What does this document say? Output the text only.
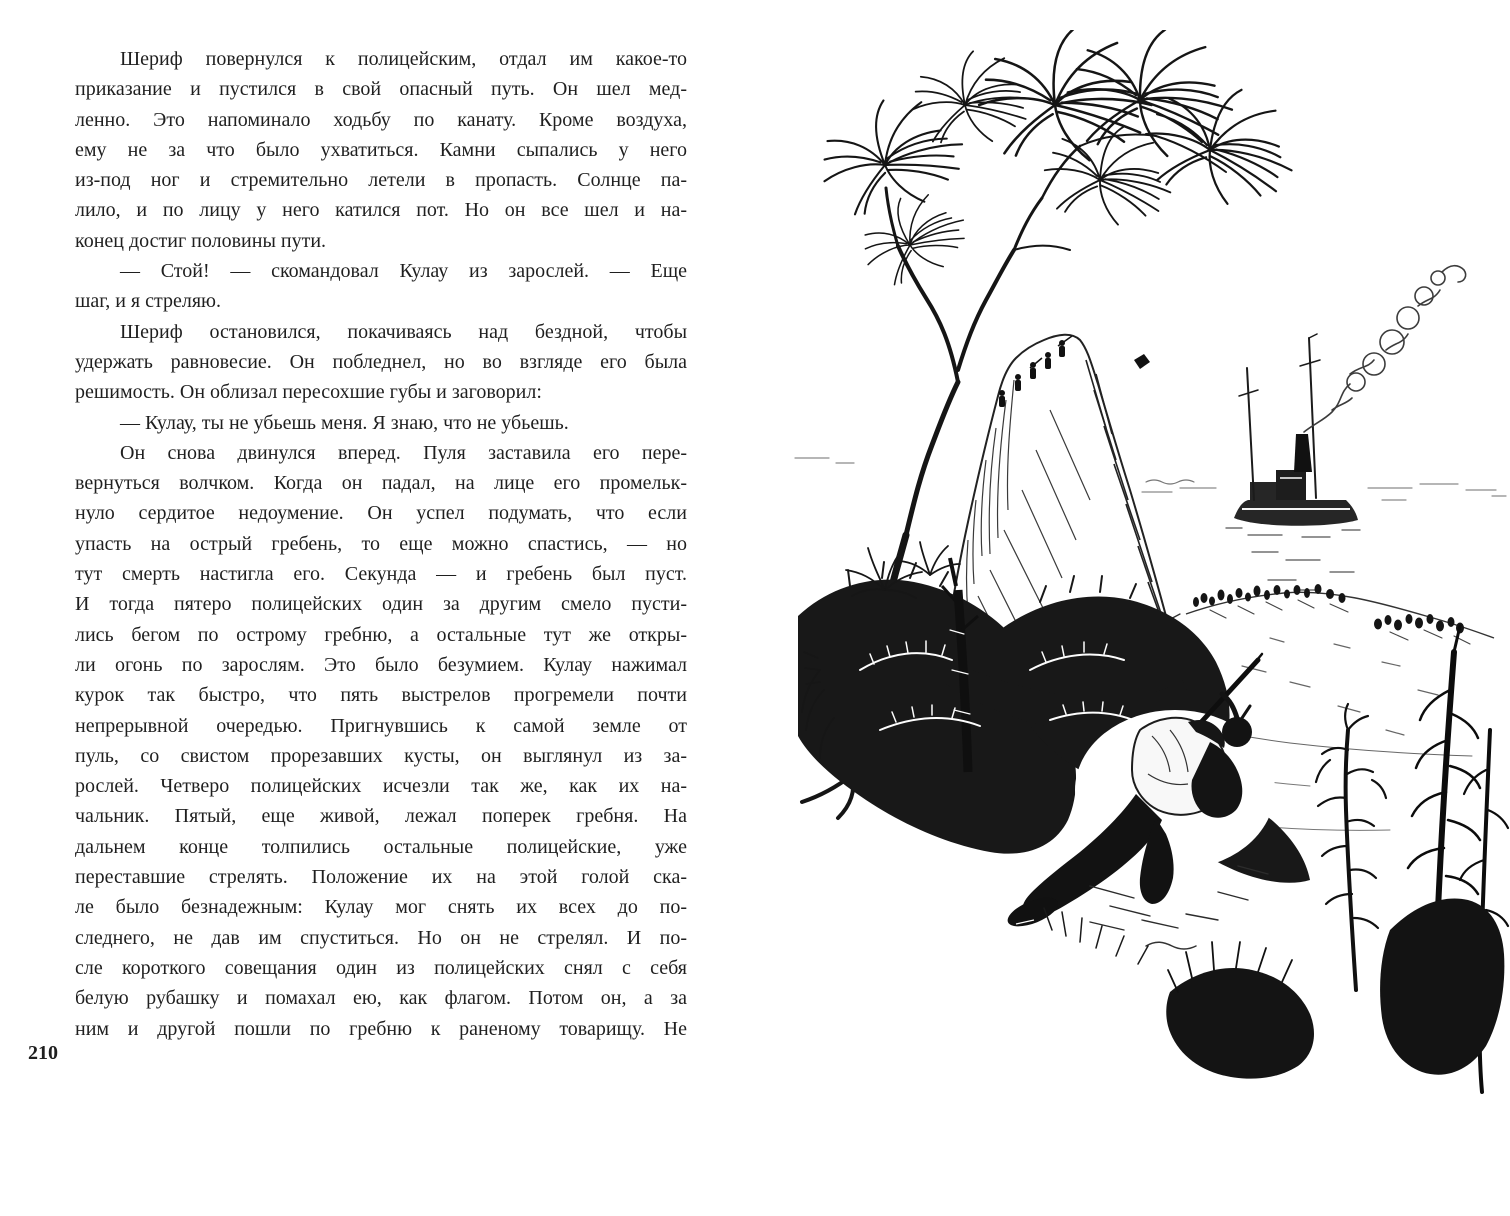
Шериф повернулся к полицейским, отдал им какое-то
приказание и пустился в свой опасный путь. Он шел мед-
ленно. Это напоминало ходьбу по канату. Кроме воздуха,
ему не за что было ухватиться. Камни сыпались у него
из-под ног и стремительно летели в пропасть. Солнце па-
лило, и по лицу у него катился пот. Но он все шел и на-
конец достиг половины пути.
— Стой! — скомандовал Кулау из зарослей. — Еще
шаг, и я стреляю.
Шериф остановился, покачиваясь над бездной, чтобы
удержать равновесие. Он побледнел, но во взгляде его была
решимость. Он облизал пересохшие губы и заговорил:
— Кулау, ты не убьешь меня. Я знаю, что не убьешь.
Он снова двинулся вперед. Пуля заставила его пере-
вернуться волчком. Когда он падал, на лице его промельк-
нуло сердитое недоумение. Он успел подумать, что если
упасть на острый гребень, то еще можно спастись, — но
тут смерть настигла его. Секунда — и гребень был пуст.
И тогда пятеро полицейских один за другим смело пусти-
лись бегом по острому гребню, а остальные тут же откры-
ли огонь по зарослям. Это было безумием. Кулау нажимал
курок так быстро, что пять выстрелов прогремели почти
непрерывной очередью. Пригнувшись к самой земле от
пуль, со свистом прорезавших кусты, он выглянул из за-
рослей. Четверо полицейских исчезли так же, как их на-
чальник. Пятый, еще живой, лежал поперек гребня. На
дальнем конце толпились остальные полицейские, уже
переставшие стрелять. Положение их на этой голой ска-
ле было безнадежным: Кулау мог снять их всех до по-
следнего, не дав им спуститься. Но он не стрелял. И по-
сле короткого совещания один из полицейских снял с себя
белую рубашку и помахал ею, как флагом. Потом он, а за
ним и другой пошли по гребню к раненому товарищу. Не
210
